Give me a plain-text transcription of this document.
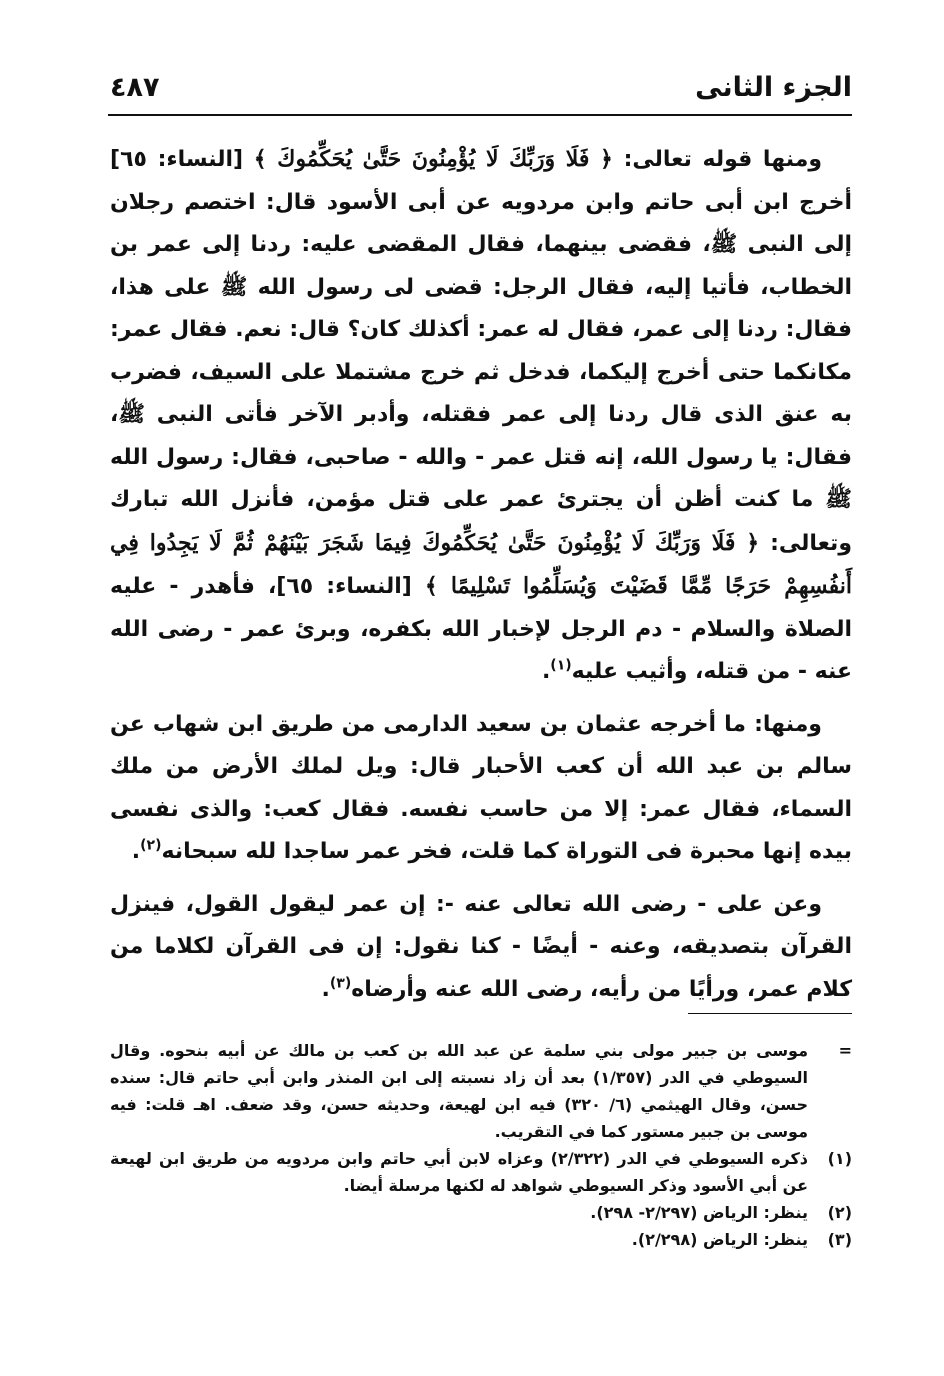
الجزء الثانى
٤٨٧

ومنها قوله تعالى: ﴿ فَلَا وَرَبِّكَ لَا يُؤْمِنُونَ حَتَّىٰ يُحَكِّمُوكَ ﴾ [النساء: ٦٥] أخرج ابن أبى حاتم وابن مردويه عن أبى الأسود قال: اختصم رجلان إلى النبى ﷺ، فقضى بينهما، فقال المقضى عليه: ردنا إلى عمر بن الخطاب، فأتيا إليه، فقال الرجل: قضى لى رسول الله ﷺ على هذا، فقال: ردنا إلى عمر، فقال له عمر: أكذلك كان؟ قال: نعم. فقال عمر: مكانكما حتى أخرج إليكما، فدخل ثم خرج مشتملا على السيف، فضرب به عنق الذى قال ردنا إلى عمر فقتله، وأدبر الآخر فأتى النبى ﷺ، فقال: يا رسول الله، إنه قتل عمر - والله - صاحبى، فقال: رسول الله ﷺ ما كنت أظن أن يجترئ عمر على قتل مؤمن، فأنزل الله تبارك وتعالى: ﴿ فَلَا وَرَبِّكَ لَا يُؤْمِنُونَ حَتَّىٰ يُحَكِّمُوكَ فِيمَا شَجَرَ بَيْنَهُمْ ثُمَّ لَا يَجِدُوا فِي أَنفُسِهِمْ حَرَجًا مِّمَّا قَضَيْتَ وَيُسَلِّمُوا تَسْلِيمًا ﴾ [النساء: ٦٥]، فأهدر - عليه الصلاة والسلام - دم الرجل لإخبار الله بكفره، وبرئ عمر - رضى الله عنه - من قتله، وأثيب عليه$^{(١)}$.

ومنها: ما أخرجه عثمان بن سعيد الدارمى من طريق ابن شهاب عن سالم بن عبد الله أن كعب الأحبار قال: ويل لملك الأرض من ملك السماء، فقال عمر: إلا من حاسب نفسه. فقال كعب: والذى نفسى بيده إنها محبرة فى التوراة كما قلت، فخر عمر ساجدا لله سبحانه$^{(٢)}$.

وعن على - رضى الله تعالى عنه -: إن عمر ليقول القول، فينزل القرآن بتصديقه، وعنه - أيضًا - كنا نقول: إن فى القرآن لكلاما من كلام عمر، ورأيًا من رأيه، رضى الله عنه وأرضاه$^{(٣)}$.

=
موسى بن جبير مولى بني سلمة عن عبد الله بن كعب بن مالك عن أبيه بنحوه. وقال السيوطي في الدر (١/٣٥٧) بعد أن زاد نسبته إلى ابن المنذر وابن أبي حاتم قال: سنده حسن، وقال الهيثمي (٦/ ٣٢٠) فيه ابن لهيعة، وحديثه حسن، وقد ضعف. اهـ قلت: فيه موسى بن جبير مستور كما في التقريب.
(١)
ذكره السيوطي في الدر (٢/٣٢٢) وعزاه لابن أبي حاتم وابن مردويه من طريق ابن لهيعة عن أبي الأسود وذكر السيوطي شواهد له لكنها مرسلة أيضا.
(٢)
ينظر: الرياض (٢/٢٩٧- ٢٩٨).
(٣)
ينظر: الرياض (٢/٢٩٨).
